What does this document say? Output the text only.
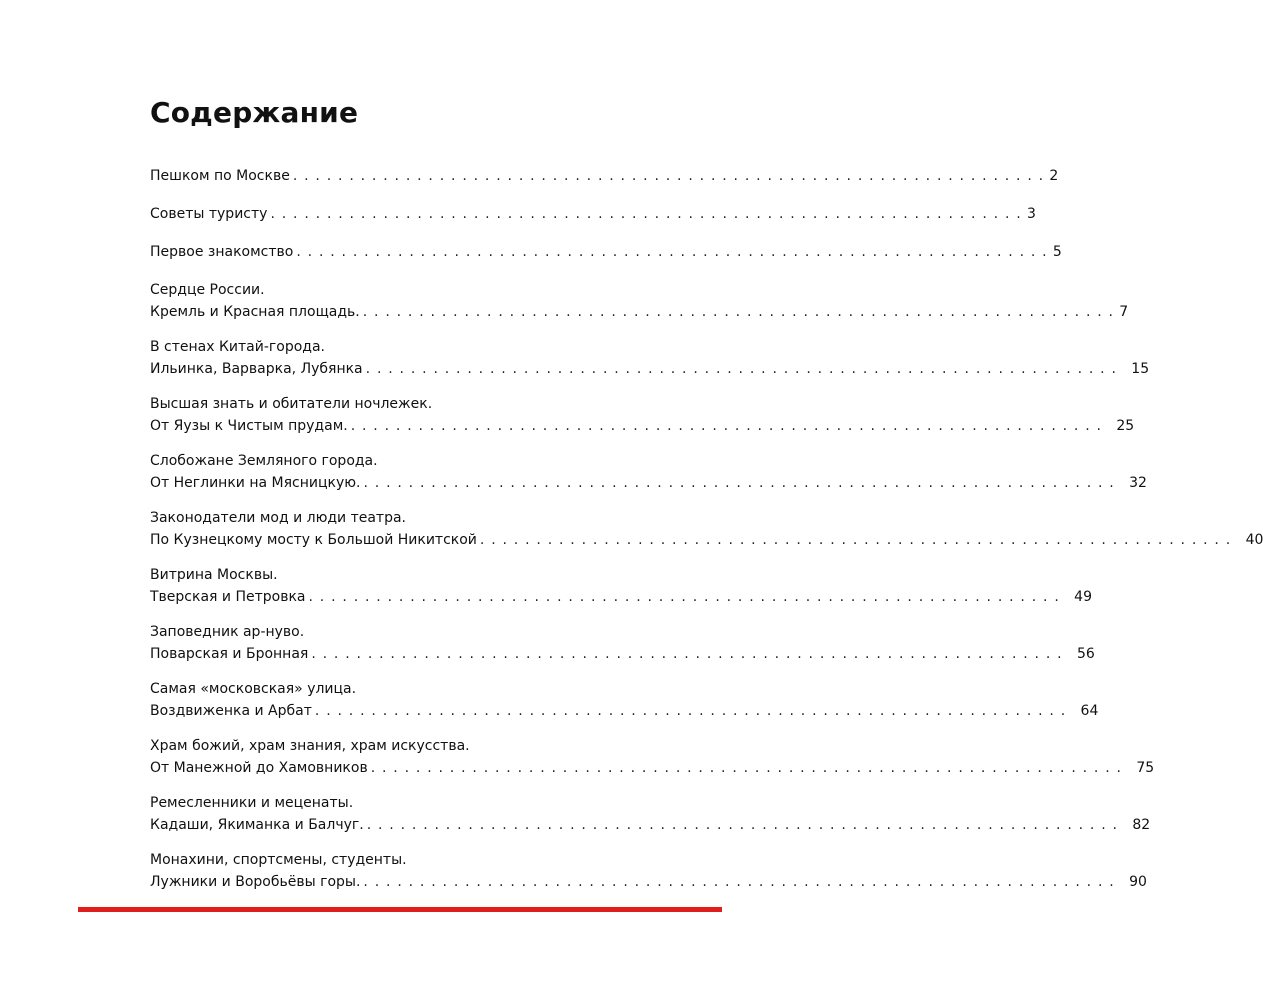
Содержание
Пешком по Москве . . . . . . . . . . . . . . . . . . . . . . . . . . . . . . . . . . . . . . . . . . . . . . . . . . . . . . . . . . . . . . . . . . . 2
Советы туристу . . . . . . . . . . . . . . . . . . . . . . . . . . . . . . . . . . . . . . . . . . . . . . . . . . . . . . . . . . . . . . . . . . . 3
Первое знакомство . . . . . . . . . . . . . . . . . . . . . . . . . . . . . . . . . . . . . . . . . . . . . . . . . . . . . . . . . . . . . . . . . . . 5
Сердце России.
Кремль и Красная площадь. . . . . . . . . . . . . . . . . . . . . . . . . . . . . . . . . . . . . . . . . . . . . . . . . . . . . . . . . . . . . . . . . . . . 7
В стенах Китай-города.
Ильинка, Варварка, Лубянка . . . . . . . . . . . . . . . . . . . . . . . . . . . . . . . . . . . . . . . . . . . . . . . . . . . . . . . . . . . . . . . . . . .	15
Высшая знать и обитатели ночлежек.
От Яузы к Чистым прудам. . . . . . . . . . . . . . . . . . . . . . . . . . . . . . . . . . . . . . . . . . . . . . . . . . . . . . . . . . . . . . . . . . . .	25
Слобожане Земляного города.
От Неглинки на Мясницкую. . . . . . . . . . . . . . . . . . . . . . . . . . . . . . . . . . . . . . . . . . . . . . . . . . . . . . . . . . . . . . . . . . . .	32
Законодатели мод и люди театра.
По Кузнецкому мосту к Большой Никитской . . . . . . . . . . . . . . . . . . . . . . . . . . . . . . . . . . . . . . . . . . . . . . . . . . . . . . . . . . . . . . . . . . .	40
Витрина Москвы.
Тверская и Петровка . . . . . . . . . . . . . . . . . . . . . . . . . . . . . . . . . . . . . . . . . . . . . . . . . . . . . . . . . . . . . . . . . . .	49
Заповедник ар-нуво.
Поварская и Бронная . . . . . . . . . . . . . . . . . . . . . . . . . . . . . . . . . . . . . . . . . . . . . . . . . . . . . . . . . . . . . . . . . . .	56
Самая «московская» улица.
Воздвиженка и Арбат . . . . . . . . . . . . . . . . . . . . . . . . . . . . . . . . . . . . . . . . . . . . . . . . . . . . . . . . . . . . . . . . . . .	64
Храм божий, храм знания, храм искусства.
От Манежной до Хамовников . . . . . . . . . . . . . . . . . . . . . . . . . . . . . . . . . . . . . . . . . . . . . . . . . . . . . . . . . . . . . . . . . . .	75
Ремесленники и меценаты.
Кадаши, Якиманка и Балчуг. . . . . . . . . . . . . . . . . . . . . . . . . . . . . . . . . . . . . . . . . . . . . . . . . . . . . . . . . . . . . . . . . . . .	82
Монахини, спортсмены, студенты.
Лужники и Воробьёвы горы. . . . . . . . . . . . . . . . . . . . . . . . . . . . . . . . . . . . . . . . . . . . . . . . . . . . . . . . . . . . . . . . . . . .	90
